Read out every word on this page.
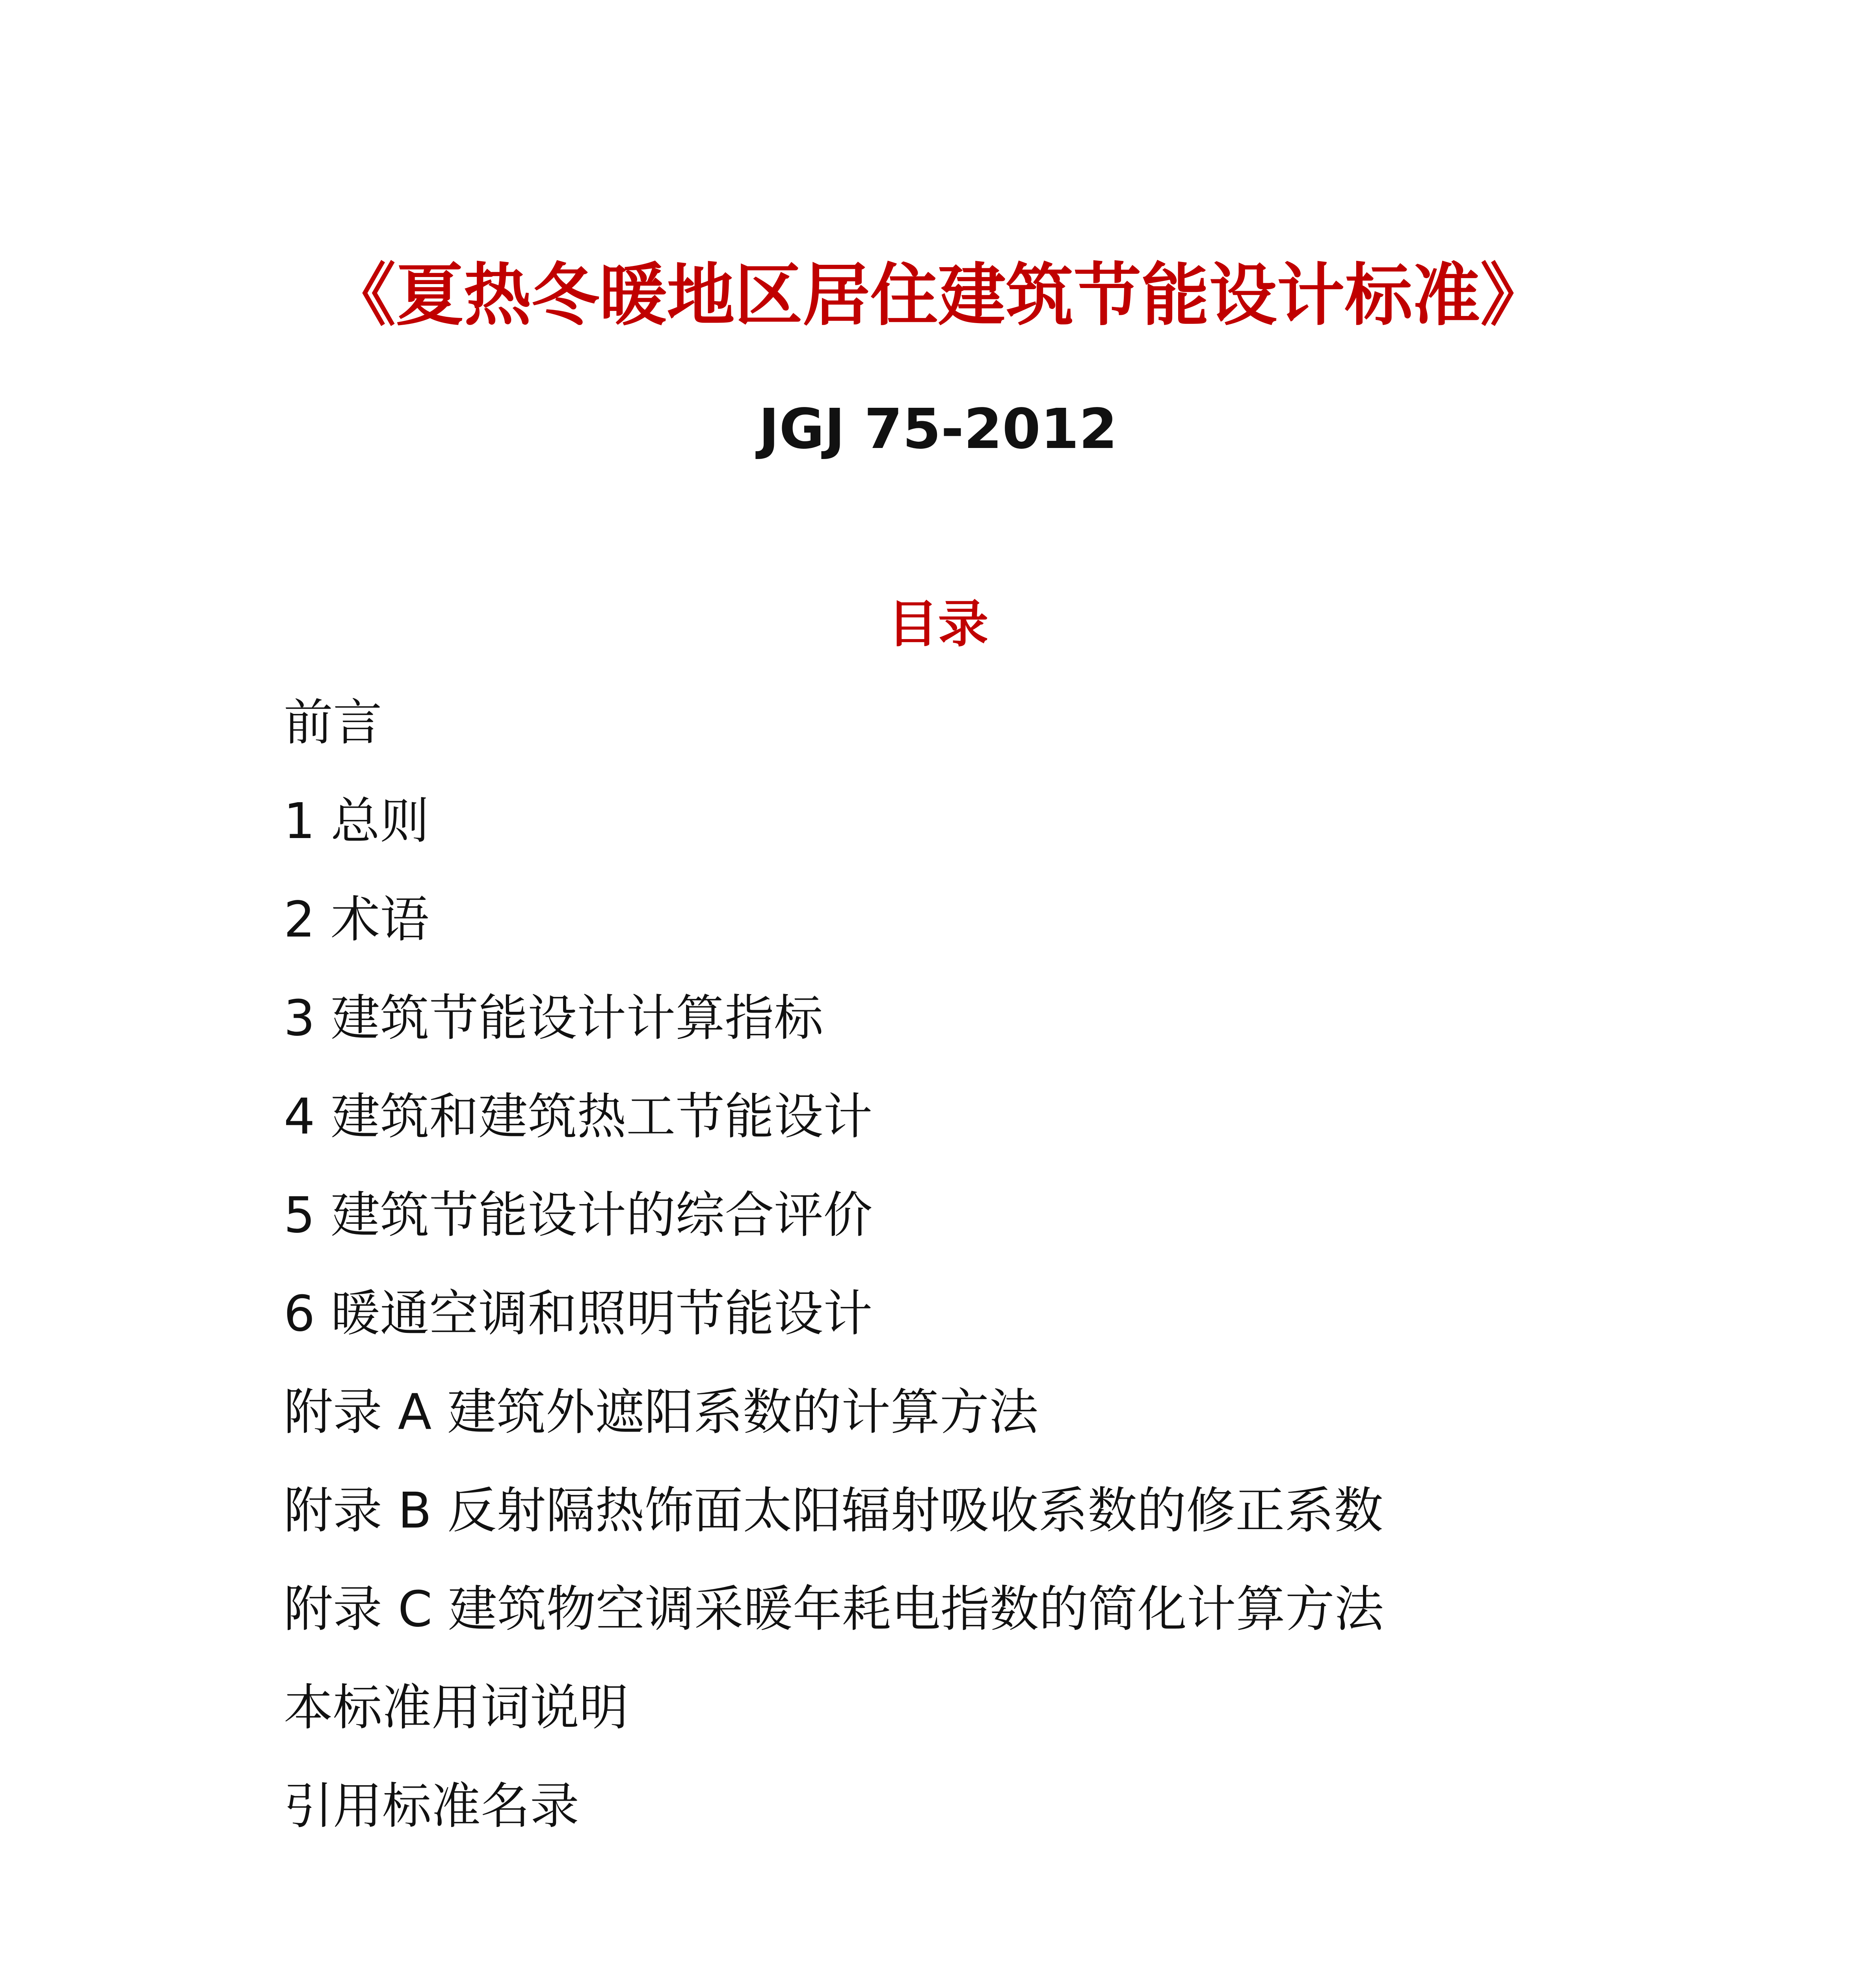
《夏热冬暖地区居住建筑节能设计标准》
JGJ 75-2012
目录
前言
1 总则
2 术语
3 建筑节能设计计算指标
4 建筑和建筑热工节能设计
5 建筑节能设计的综合评价
6 暖通空调和照明节能设计
附录 A 建筑外遮阳系数的计算方法
附录 B 反射隔热饰面太阳辐射吸收系数的修正系数
附录 C 建筑物空调采暖年耗电指数的简化计算方法
本标准用词说明
引用标准名录
